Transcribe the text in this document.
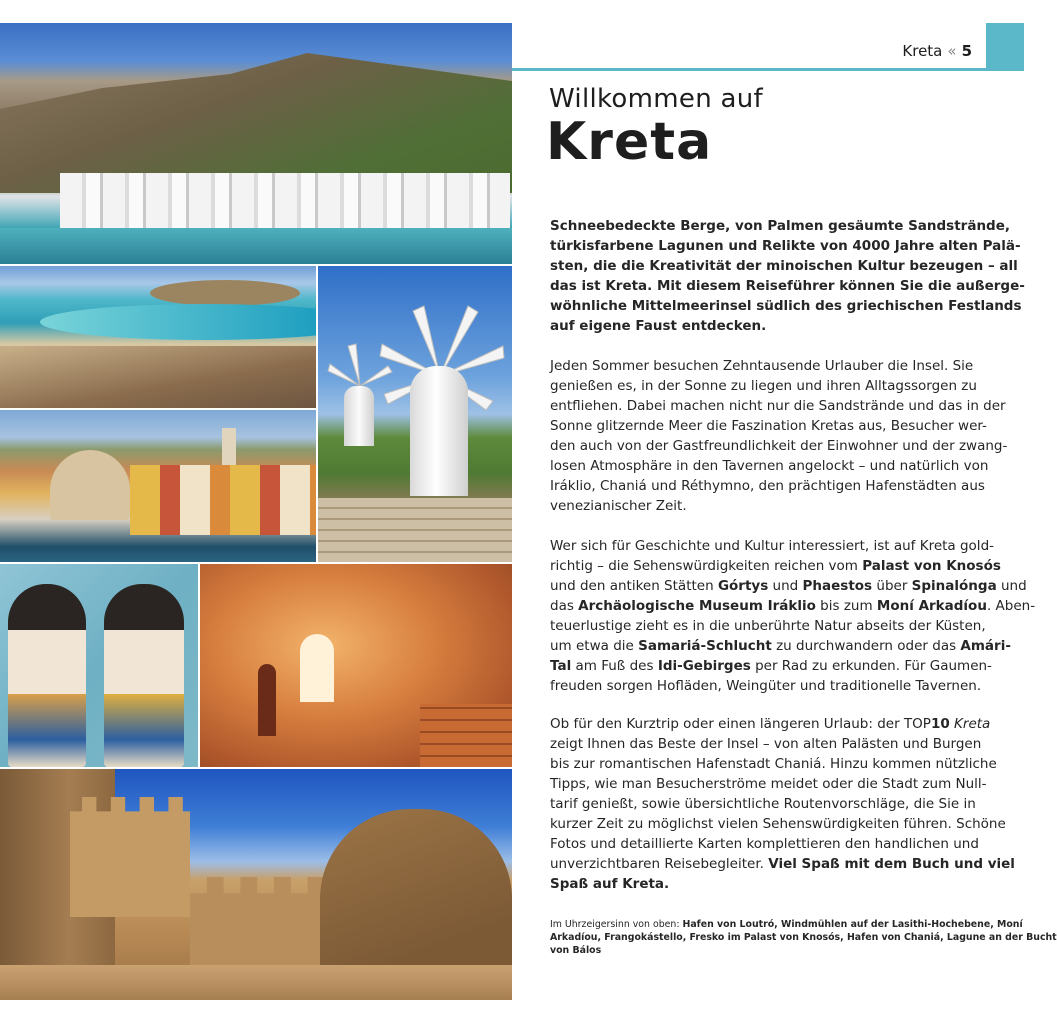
Kreta « 5
Willkommen auf
Kreta

Schneebedeckte Berge, von Palmen gesäumte Sandstrände,
türkisfarbene Lagunen und Relikte von 4000 Jahre alten Palä-
sten, die die Kreativität der minoischen Kultur bezeugen – all
das ist Kreta. Mit diesem Reiseführer können Sie die außerge-
wöhnliche Mittelmeerinsel südlich des griechischen Festlands
auf eigene Faust entdecken.

Jeden Sommer besuchen Zehntausende Urlauber die Insel. Sie
genießen es, in der Sonne zu liegen und ihren Alltagssorgen zu
entfliehen. Dabei machen nicht nur die Sandstrände und das in der
Sonne glitzernde Meer die Faszination Kretas aus, Besucher wer-
den auch von der Gastfreundlichkeit der Einwohner und der zwang-
losen Atmosphäre in den Tavernen angelockt – und natürlich von
Iráklio, Chaniá und Réthymno, den prächtigen Hafenstädten aus
venezianischer Zeit.

Wer sich für Geschichte und Kultur interessiert, ist auf Kreta gold-
richtig – die Sehenswürdigkeiten reichen vom Palast von Knosós
und den antiken Stätten Górtys und Phaestos über Spinalónga und
das Archäologische Museum Iráklio bis zum Moní Arkadíou. Aben-
teuerlustige zieht es in die unberührte Natur abseits der Küsten,
um etwa die Samariá-Schlucht zu durchwandern oder das Amári-
Tal am Fuß des Idi-Gebirges per Rad zu erkunden. Für Gaumen-
freuden sorgen Hofläden, Weingüter und traditionelle Tavernen.

Ob für den Kurztrip oder einen längeren Urlaub: der TOP10 Kreta
zeigt Ihnen das Beste der Insel – von alten Palästen und Burgen
bis zur romantischen Hafenstadt Chaniá. Hinzu kommen nützliche
Tipps, wie man Besucherströme meidet oder die Stadt zum Null-
tarif genießt, sowie übersichtliche Routenvorschläge, die Sie in
kurzer Zeit zu möglichst vielen Sehenswürdigkeiten führen. Schöne
Fotos und detaillierte Karten komplettieren den handlichen und
unverzichtbaren Reisebegleiter. Viel Spaß mit dem Buch und viel
Spaß auf Kreta.

Im Uhrzeigersinn von oben: Hafen von Loutró, Windmühlen auf der Lasithi-Hochebene, Moní
Arkadíou, Frangokástello, Fresko im Palast von Knosós, Hafen von Chaniá, Lagune an der Bucht
von Bálos
